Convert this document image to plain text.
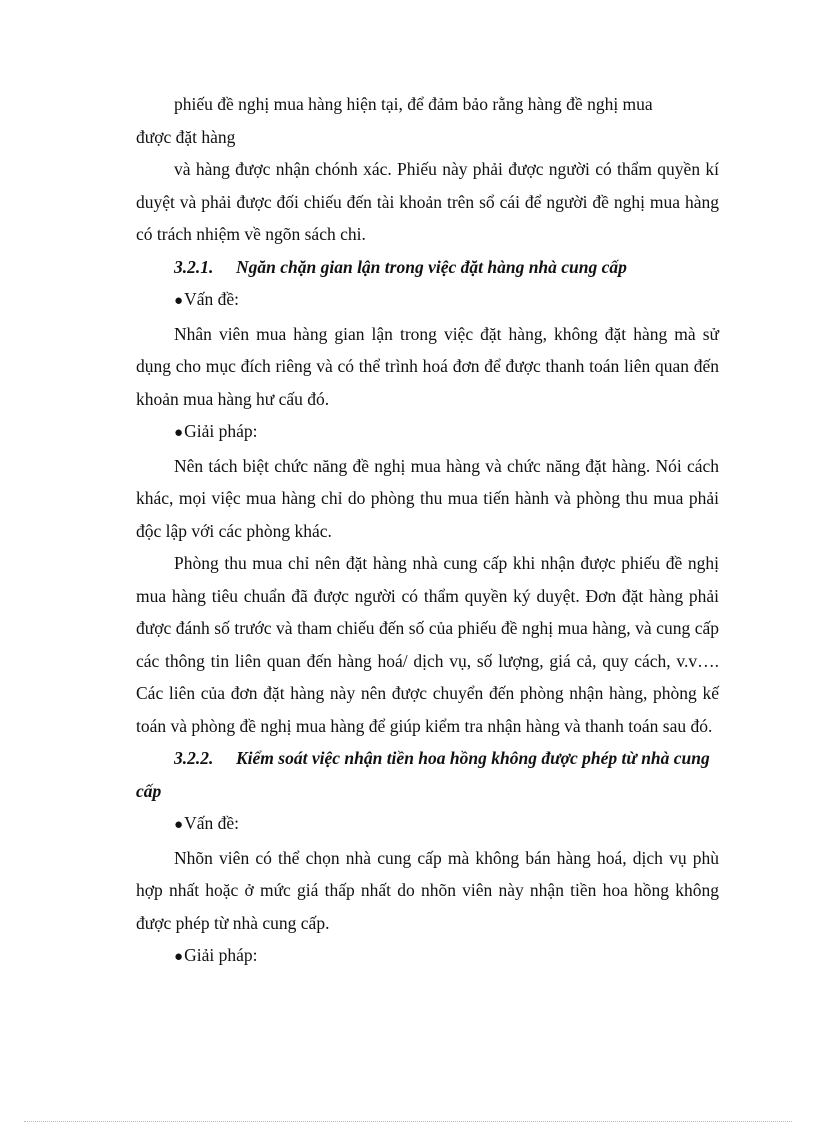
phiếu đề nghị mua hàng hiện tại, để đảm bảo rằng hàng đề nghị mua

được đặt hàng

và hàng được nhận chónh xác. Phiếu này phải được người có thẩm quyền kí duyệt và phải được đối chiếu đến tài khoản trên sổ cái để người đề nghị mua hàng có trách nhiệm về ngõn sách chi.

3.2.1. Ngăn chặn gian lận trong việc đặt hàng nhà cung cấp

●Vấn đề:

Nhân viên mua hàng gian lận trong việc đặt hàng, không đặt hàng mà sử dụng cho mục đích riêng và có thể trình hoá đơn để được thanh toán liên quan đến khoản mua hàng hư cấu đó.

●Giải pháp:

Nên tách biệt chức năng đề nghị mua hàng và chức năng đặt hàng. Nói cách khác, mọi việc mua hàng chỉ do phòng thu mua tiến hành và phòng thu mua phải độc lập với các phòng khác.

Phòng thu mua chỉ nên đặt hàng nhà cung cấp khi nhận được phiếu đề nghị mua hàng tiêu chuẩn đã được người có thẩm quyền ký duyệt. Đơn đặt hàng phải được đánh số trước và tham chiếu đến số của phiếu đề nghị mua hàng, và cung cấp các thông tin liên quan đến hàng hoá/ dịch vụ, số lượng, giá cả, quy cách, v.v…. Các liên của đơn đặt hàng này nên được chuyển đến phòng nhận hàng, phòng kế toán và phòng đề nghị mua hàng để giúp kiểm tra nhận hàng và thanh toán sau đó.

3.2.2. Kiểm soát việc nhận tiền hoa hồng không được phép từ nhà cung cấp

●Vấn đề:

Nhõn viên có thể chọn nhà cung cấp mà không bán hàng hoá, dịch vụ phù hợp nhất hoặc ở mức giá thấp nhất do nhõn viên này nhận tiền hoa hồng không được phép từ nhà cung cấp.

●Giải pháp:
